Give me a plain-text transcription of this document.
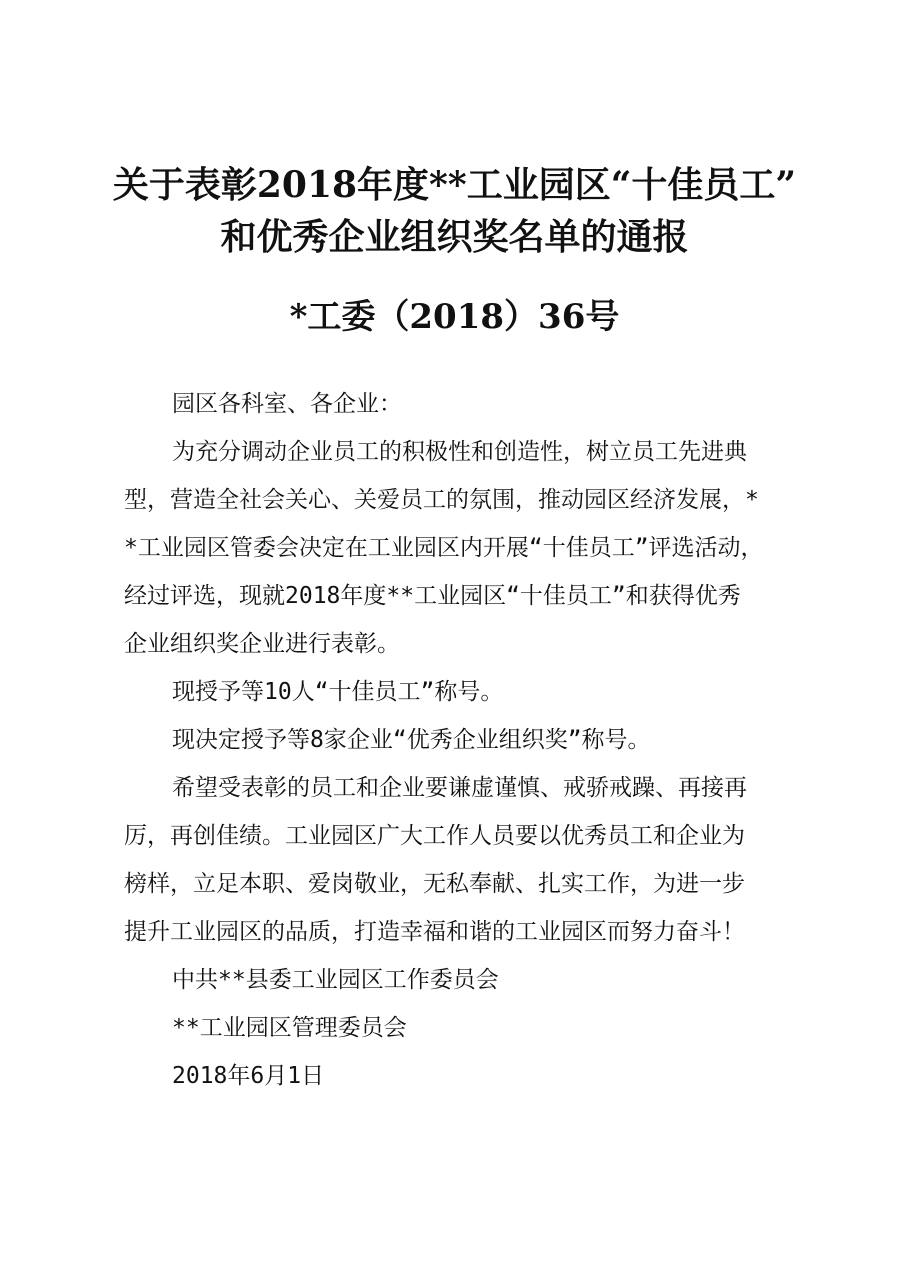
关于表彰2018年度**工业园区“十佳员工”
和优秀企业组织奖名单的通报
*工委（2018）36号
园区各科室、各企业：
为充分调动企业员工的积极性和创造性，树立员工先进典
型，营造全社会关心、关爱员工的氛围，推动园区经济发展，*
*工业园区管委会决定在工业园区内开展“十佳员工”评选活动，
经过评选，现就2018年度**工业园区“十佳员工”和获得优秀
企业组织奖企业进行表彰。
现授予等10人“十佳员工”称号。
现决定授予等8家企业“优秀企业组织奖”称号。
希望受表彰的员工和企业要谦虚谨慎、戒骄戒躁、再接再
厉，再创佳绩。工业园区广大工作人员要以优秀员工和企业为
榜样，立足本职、爱岗敬业，无私奉献、扎实工作，为进一步
提升工业园区的品质，打造幸福和谐的工业园区而努力奋斗！
中共**县委工业园区工作委员会
**工业园区管理委员会
2018年6月1日
